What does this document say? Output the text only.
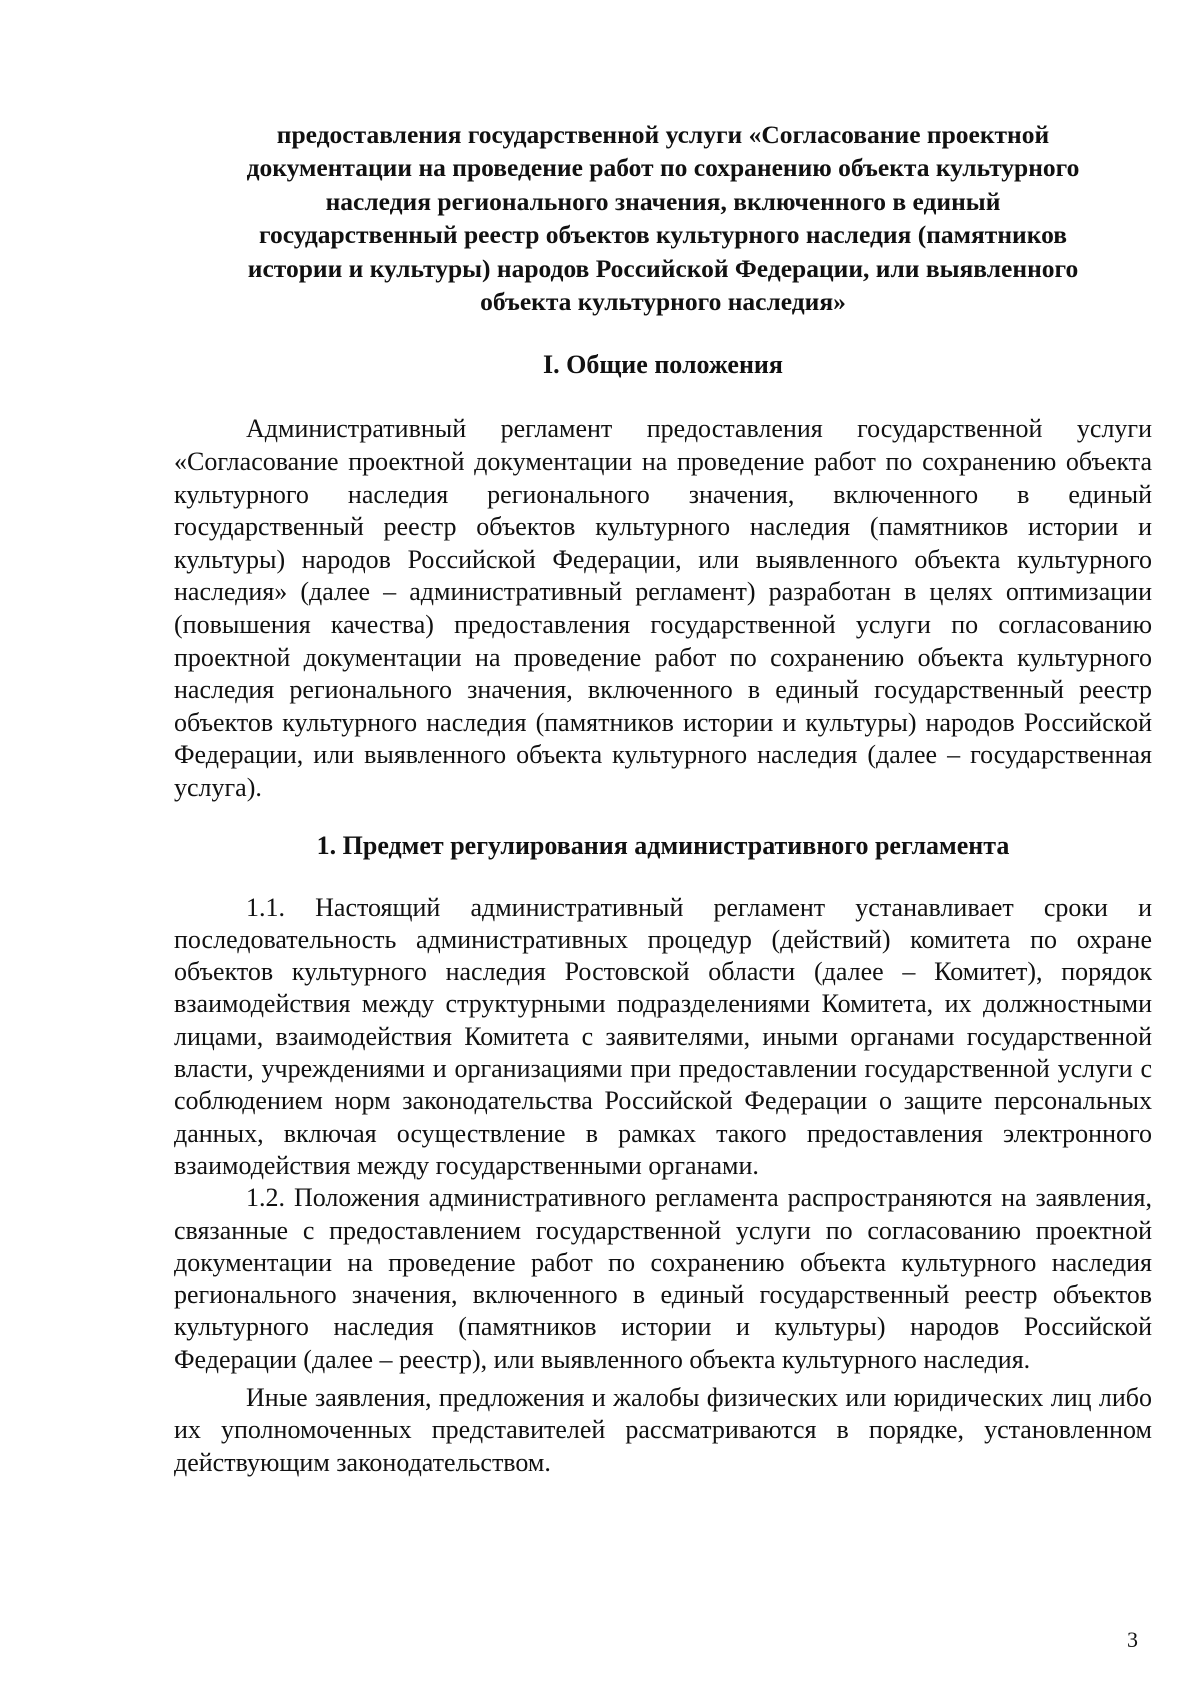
предоставления государственной услуги «Согласование проектной
документации на проведение работ по сохранению объекта культурного
наследия регионального значения, включенного в единый
государственный реестр объектов культурного наследия (памятников
истории и культуры) народов Российской Федерации, или выявленного
объекта культурного наследия»
I. Общие положения

Административный регламент предоставления государственной услуги «Согласование проектной документации на проведение работ по сохранению объекта культурного наследия регионального значения, включенного в единый государственный реестр объектов культурного наследия (памятников истории и культуры) народов Российской Федерации, или выявленного объекта культурного наследия» (далее – административный регламент) разработан в целях оптимизации (повышения качества) предоставления государственной услуги по согласованию проектной документации на проведение работ по сохранению объекта культурного наследия регионального значения, включенного в единый государственный реестр объектов культурного наследия (памятников истории и культуры) народов Российской Федерации, или выявленного объекта культурного наследия (далее – государственная услуга).

1. Предмет регулирования административного регламента

1.1. Настоящий административный регламент устанавливает сроки и последовательность административных процедур (действий) комитета по охране объектов культурного наследия Ростовской области (далее – Комитет), порядок взаимодействия между структурными подразделениями Комитета, их должностными лицами, взаимодействия Комитета с заявителями, иными органами государственной власти, учреждениями и организациями при предоставлении государственной услуги с соблюдением норм законодательства Российской Федерации о защите персональных данных, включая осуществление в рамках такого предоставления электронного взаимодействия между государственными органами.

1.2. Положения административного регламента распространяются на заявления, связанные с предоставлением государственной услуги по согласованию проектной документации на проведение работ по сохранению объекта культурного наследия регионального значения, включенного в единый государственный реестр объектов культурного наследия (памятников истории и культуры) народов Российской Федерации (далее – реестр), или выявленного объекта культурного наследия.

Иные заявления, предложения и жалобы физических или юридических лиц либо их уполномоченных представителей рассматриваются в порядке, установленном действующим законодательством.

3
